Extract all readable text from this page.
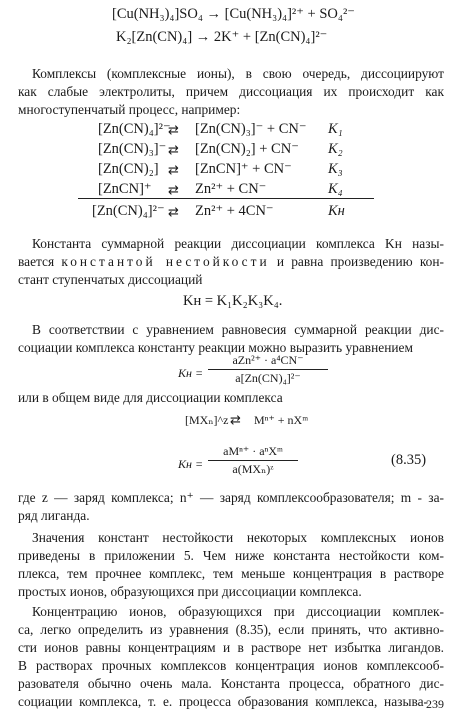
[Cu(NH₃)₄]SO₄ → [Cu(NH₃)₄]²⁺ + SO₄²⁻
K₂[Zn(CN)₄] → 2K⁺ + [Zn(CN)₄]²⁻
Комплексы (комплексные ионы), в свою очередь, диссоциируют
как слабые электролиты, причем диссоциация их происходит как
многоступенчатый процесс, например:
[Zn(CN)₄]²⁻
⇄ [Zn(CN)₃]⁻ + CN⁻ K₁
[Zn(CN)₃]⁻ ⇄ [Zn(CN)₂] + CN⁻ K₂
[Zn(CN)₂] ⇄ [ZnCN]⁺ + CN⁻ K₃
[ZnCN]⁺ ⇄ Zn²⁺ + CN⁻	K₄
[Zn(CN)₄]²⁻ ⇄ Zn²⁺ + 4CN⁻	Kн
Константа суммарной реакции диссоциации комплекса Kн назы-
вается константой нестойкости и равна произведению кон-
стант ступенчатых диссоциаций
Kн = K₁K₂K₃K₄.
В соответствии с уравнением равновесия суммарной реакции дис-
социации комплекса константу реакции можно выразить уравнением
Kн =
aZn²⁺ · a⁴CN⁻
a[Zn(CN)₄]²⁻
или в общем виде для диссоциации комплекса
[MXₙ]^z ⇄ Mⁿ⁺ + nXᵐ
Kн =
aMⁿ⁺ · aⁿXᵐ
a(MXₙ)ᶻ
(8.35)
где z — заряд комплекса; n⁺ — заряд комплексообразователя; m - за-
ряд лиганда.
Значения констант нестойкости некоторых комплексных ионов
приведены в приложении 5. Чем ниже константа нестойкости ком-
плекса, тем прочнее комплекс, тем меньше концентрация в растворе
простых ионов, образующихся при диссоциации комплекса.
Концентрацию ионов, образующихся при диссоциации комплек-
са, легко определить из уравнения (8.35), если принять, что активно-
сти ионов равны концентрациям и в растворе нет избытка лигандов.
В растворах прочных комплексов концентрация ионов комплексооб-
разователя обычно очень мала. Константа процесса, обратного дис-
социации комплекса, т. е. процесса образования комплекса, называ-
239
